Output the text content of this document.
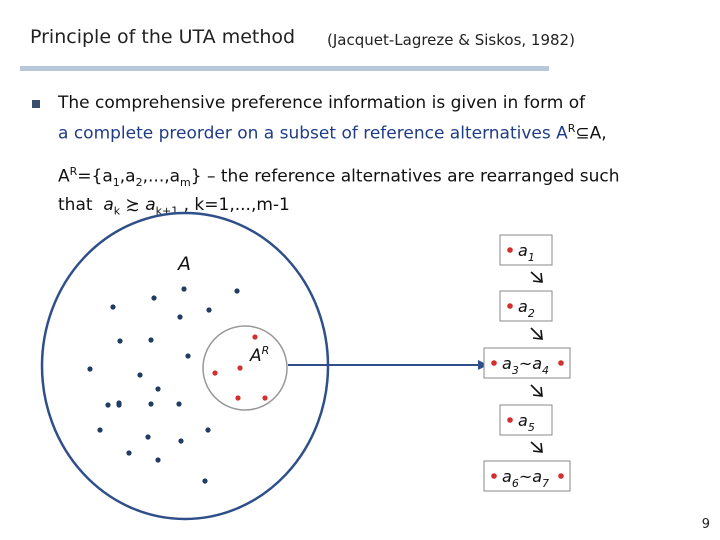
Principle of the UTA method (Jacquet-Lagreze & Siskos, 1982)
The comprehensive preference information is given in form of
a complete preorder on a subset of reference alternatives $A^R⊆A$,
$A^R=\{a_1,a_2,...,a_m\}$ – the reference alternatives are rearranged such
that $a_k$ ≿ $a_{k+1}$ , k=1,...,m-1
A
$A^R$
$a_1$
$a_2$
$a_3\sim a_4$
$a_5$
$a_6\sim a_7$
9
